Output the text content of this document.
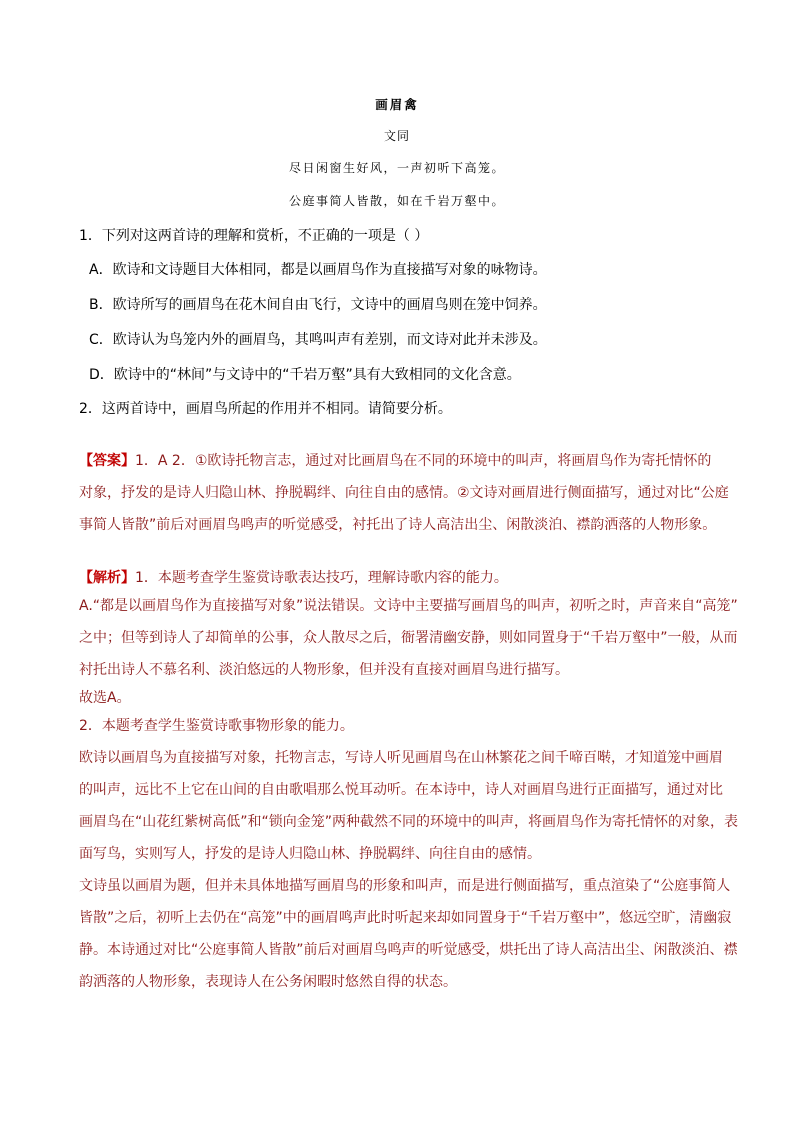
画眉禽
文同
尽日闲窗生好风，一声初听下高笼。
公庭事简人皆散，如在千岩万壑中。
1．下列对这两首诗的理解和赏析，不正确的一项是（ ）
A．欧诗和文诗题目大体相同，都是以画眉鸟作为直接描写对象的咏物诗。
B．欧诗所写的画眉鸟在花木间自由飞行，文诗中的画眉鸟则在笼中饲养。
C．欧诗认为鸟笼内外的画眉鸟，其鸣叫声有差别，而文诗对此并未涉及。
D．欧诗中的“林间”与文诗中的“千岩万壑”具有大致相同的文化含意。
2．这两首诗中，画眉鸟所起的作用并不相同。请简要分析。
【答案】1．A 2．①欧诗托物言志，通过对比画眉鸟在不同的环境中的叫声，将画眉鸟作为寄托情怀的
对象，抒发的是诗人归隐山林、挣脱羁绊、向往自由的感情。②文诗对画眉进行侧面描写，通过对比“公庭
事简人皆散”前后对画眉鸟鸣声的听觉感受，衬托出了诗人高洁出尘、闲散淡泊、襟韵洒落的人物形象。
【解析】1．本题考查学生鉴赏诗歌表达技巧，理解诗歌内容的能力。
A.“都是以画眉鸟作为直接描写对象”说法错误。文诗中主要描写画眉鸟的叫声，初听之时，声音来自“高笼”
之中；但等到诗人了却简单的公事，众人散尽之后，衙署清幽安静，则如同置身于“千岩万壑中”一般，从而
衬托出诗人不慕名利、淡泊悠远的人物形象，但并没有直接对画眉鸟进行描写。
故选A。
2．本题考查学生鉴赏诗歌事物形象的能力。
欧诗以画眉鸟为直接描写对象，托物言志，写诗人听见画眉鸟在山林繁花之间千啼百啭，才知道笼中画眉
的叫声，远比不上它在山间的自由歌唱那么悦耳动听。在本诗中，诗人对画眉鸟进行正面描写，通过对比
画眉鸟在“山花红紫树高低”和“锁向金笼”两种截然不同的环境中的叫声，将画眉鸟作为寄托情怀的对象，表
面写鸟，实则写人，抒发的是诗人归隐山林、挣脱羁绊、向往自由的感情。
文诗虽以画眉为题，但并未具体地描写画眉鸟的形象和叫声，而是进行侧面描写，重点渲染了“公庭事简人
皆散”之后，初听上去仍在“高笼”中的画眉鸣声此时听起来却如同置身于“千岩万壑中”，悠远空旷，清幽寂
静。本诗通过对比“公庭事简人皆散”前后对画眉鸟鸣声的听觉感受，烘托出了诗人高洁出尘、闲散淡泊、襟
韵洒落的人物形象，表现诗人在公务闲暇时悠然自得的状态。
